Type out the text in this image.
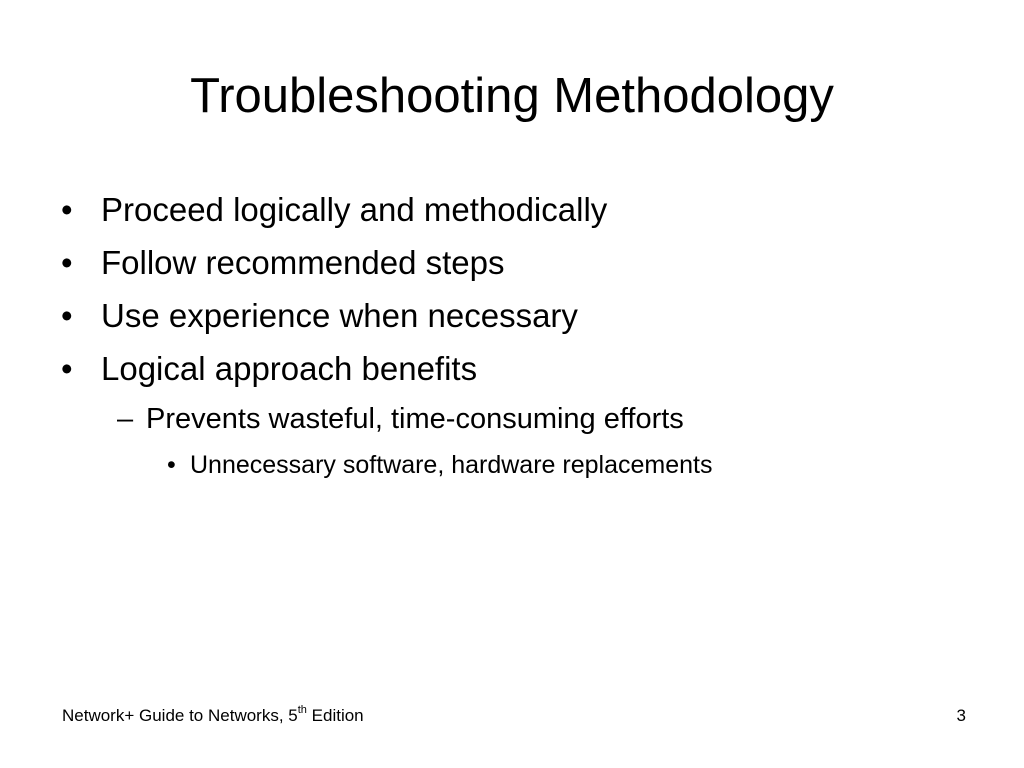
Troubleshooting Methodology
• Proceed logically and methodically
• Follow recommended steps
• Use experience when necessary
• Logical approach benefits
– Prevents wasteful, time-consuming efforts
• Unnecessary software, hardware replacements
Network+ Guide to Networks, 5th Edition	3
